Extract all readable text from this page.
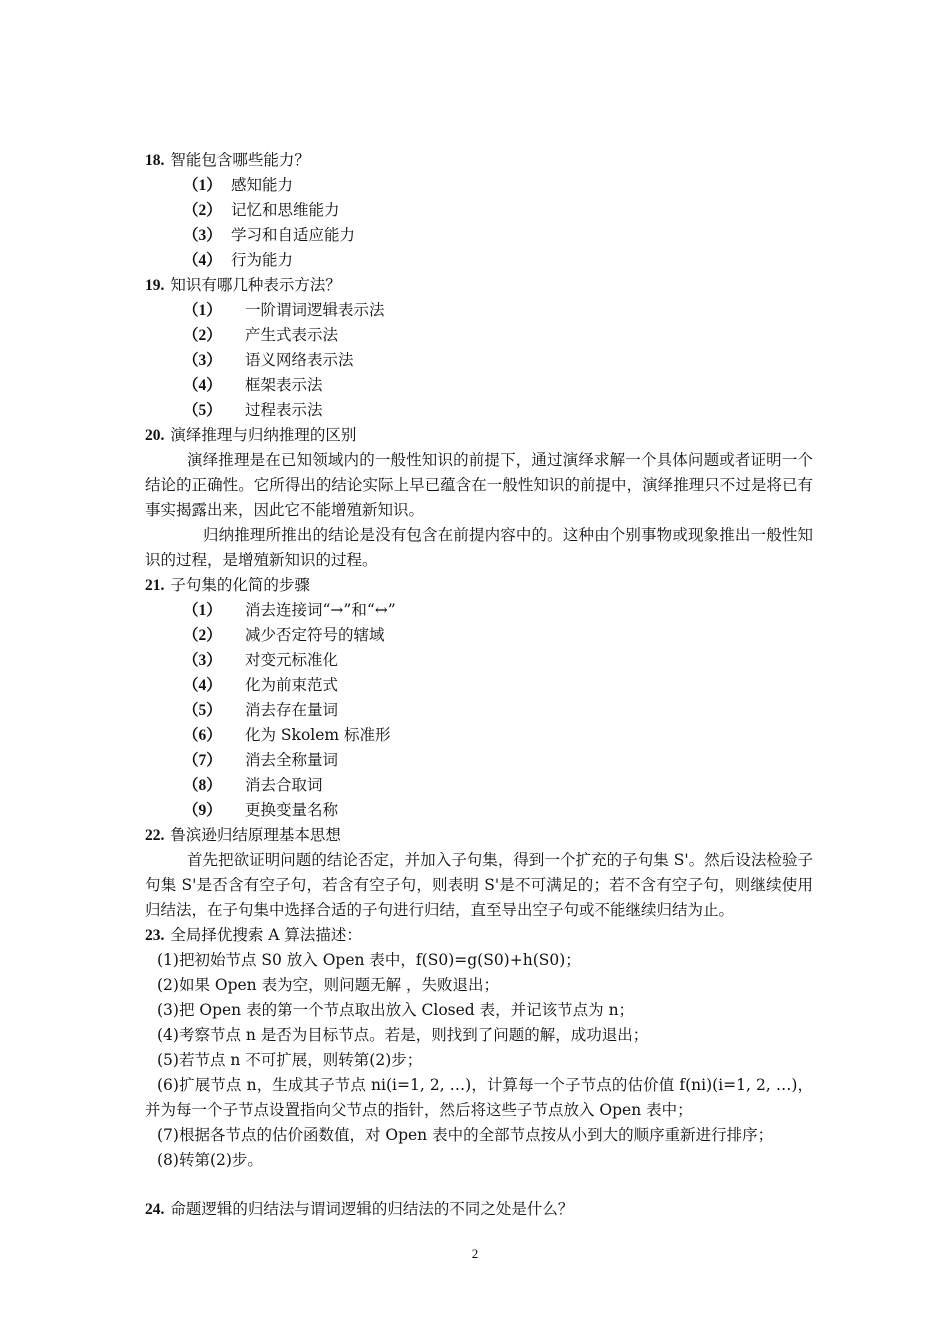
18. 智能包含哪些能力？
（1） 感知能力
（2） 记忆和思维能力
（3） 学习和自适应能力
（4） 行为能力
19. 知识有哪几种表示方法？
（1） 一阶谓词逻辑表示法
（2） 产生式表示法
（3） 语义网络表示法
（4） 框架表示法
（5） 过程表示法
20. 演绎推理与归纳推理的区别

演绎推理是在已知领域内的一般性知识的前提下，通过演绎求解一个具体问题或者证明一个结论的正确性。它所得出的结论实际上早已蕴含在一般性知识的前提中，演绎推理只不过是将已有事实揭露出来，因此它不能增殖新知识。

归纳推理所推出的结论是没有包含在前提内容中的。这种由个别事物或现象推出一般性知识的过程，是增殖新知识的过程。

21. 子句集的化简的步骤
（1） 消去连接词“→”和“↔”
（2） 减少否定符号的辖域
（3） 对变元标准化
（4） 化为前束范式
（5） 消去存在量词
（6） 化为 Skolem 标准形
（7） 消去全称量词
（8） 消去合取词
（9） 更换变量名称
22. 鲁滨逊归结原理基本思想

首先把欲证明问题的结论否定，并加入子句集，得到一个扩充的子句集 S'。然后设法检验子句集 S'是否含有空子句，若含有空子句，则表明 S'是不可满足的；若不含有空子句，则继续使用归结法，在子句集中选择合适的子句进行归结，直至导出空子句或不能继续归结为止。

23. 全局择优搜索 A 算法描述：
(1)把初始节点 S0 放入 Open 表中，f(S0)=g(S0)+h(S0)；
(2)如果 Open 表为空，则问题无解 ，失败退出；
(3)把 Open 表的第一个节点取出放入 Closed 表，并记该节点为 n；
(4)考察节点 n 是否为目标节点。若是，则找到了问题的解，成功退出；
(5)若节点 n 不可扩展，则转第(2)步；

(6)扩展节点 n，生成其子节点 ni(i=1, 2, …)，计算每一个子节点的估价值 f(ni)(i=1, 2, …)，并为每一个子节点设置指向父节点的指针，然后将这些子节点放入 Open 表中；

(7)根据各节点的估价函数值，对 Open 表中的全部节点按从小到大的顺序重新进行排序；
(8)转第(2)步。
24. 命题逻辑的归结法与谓词逻辑的归结法的不同之处是什么？
2
